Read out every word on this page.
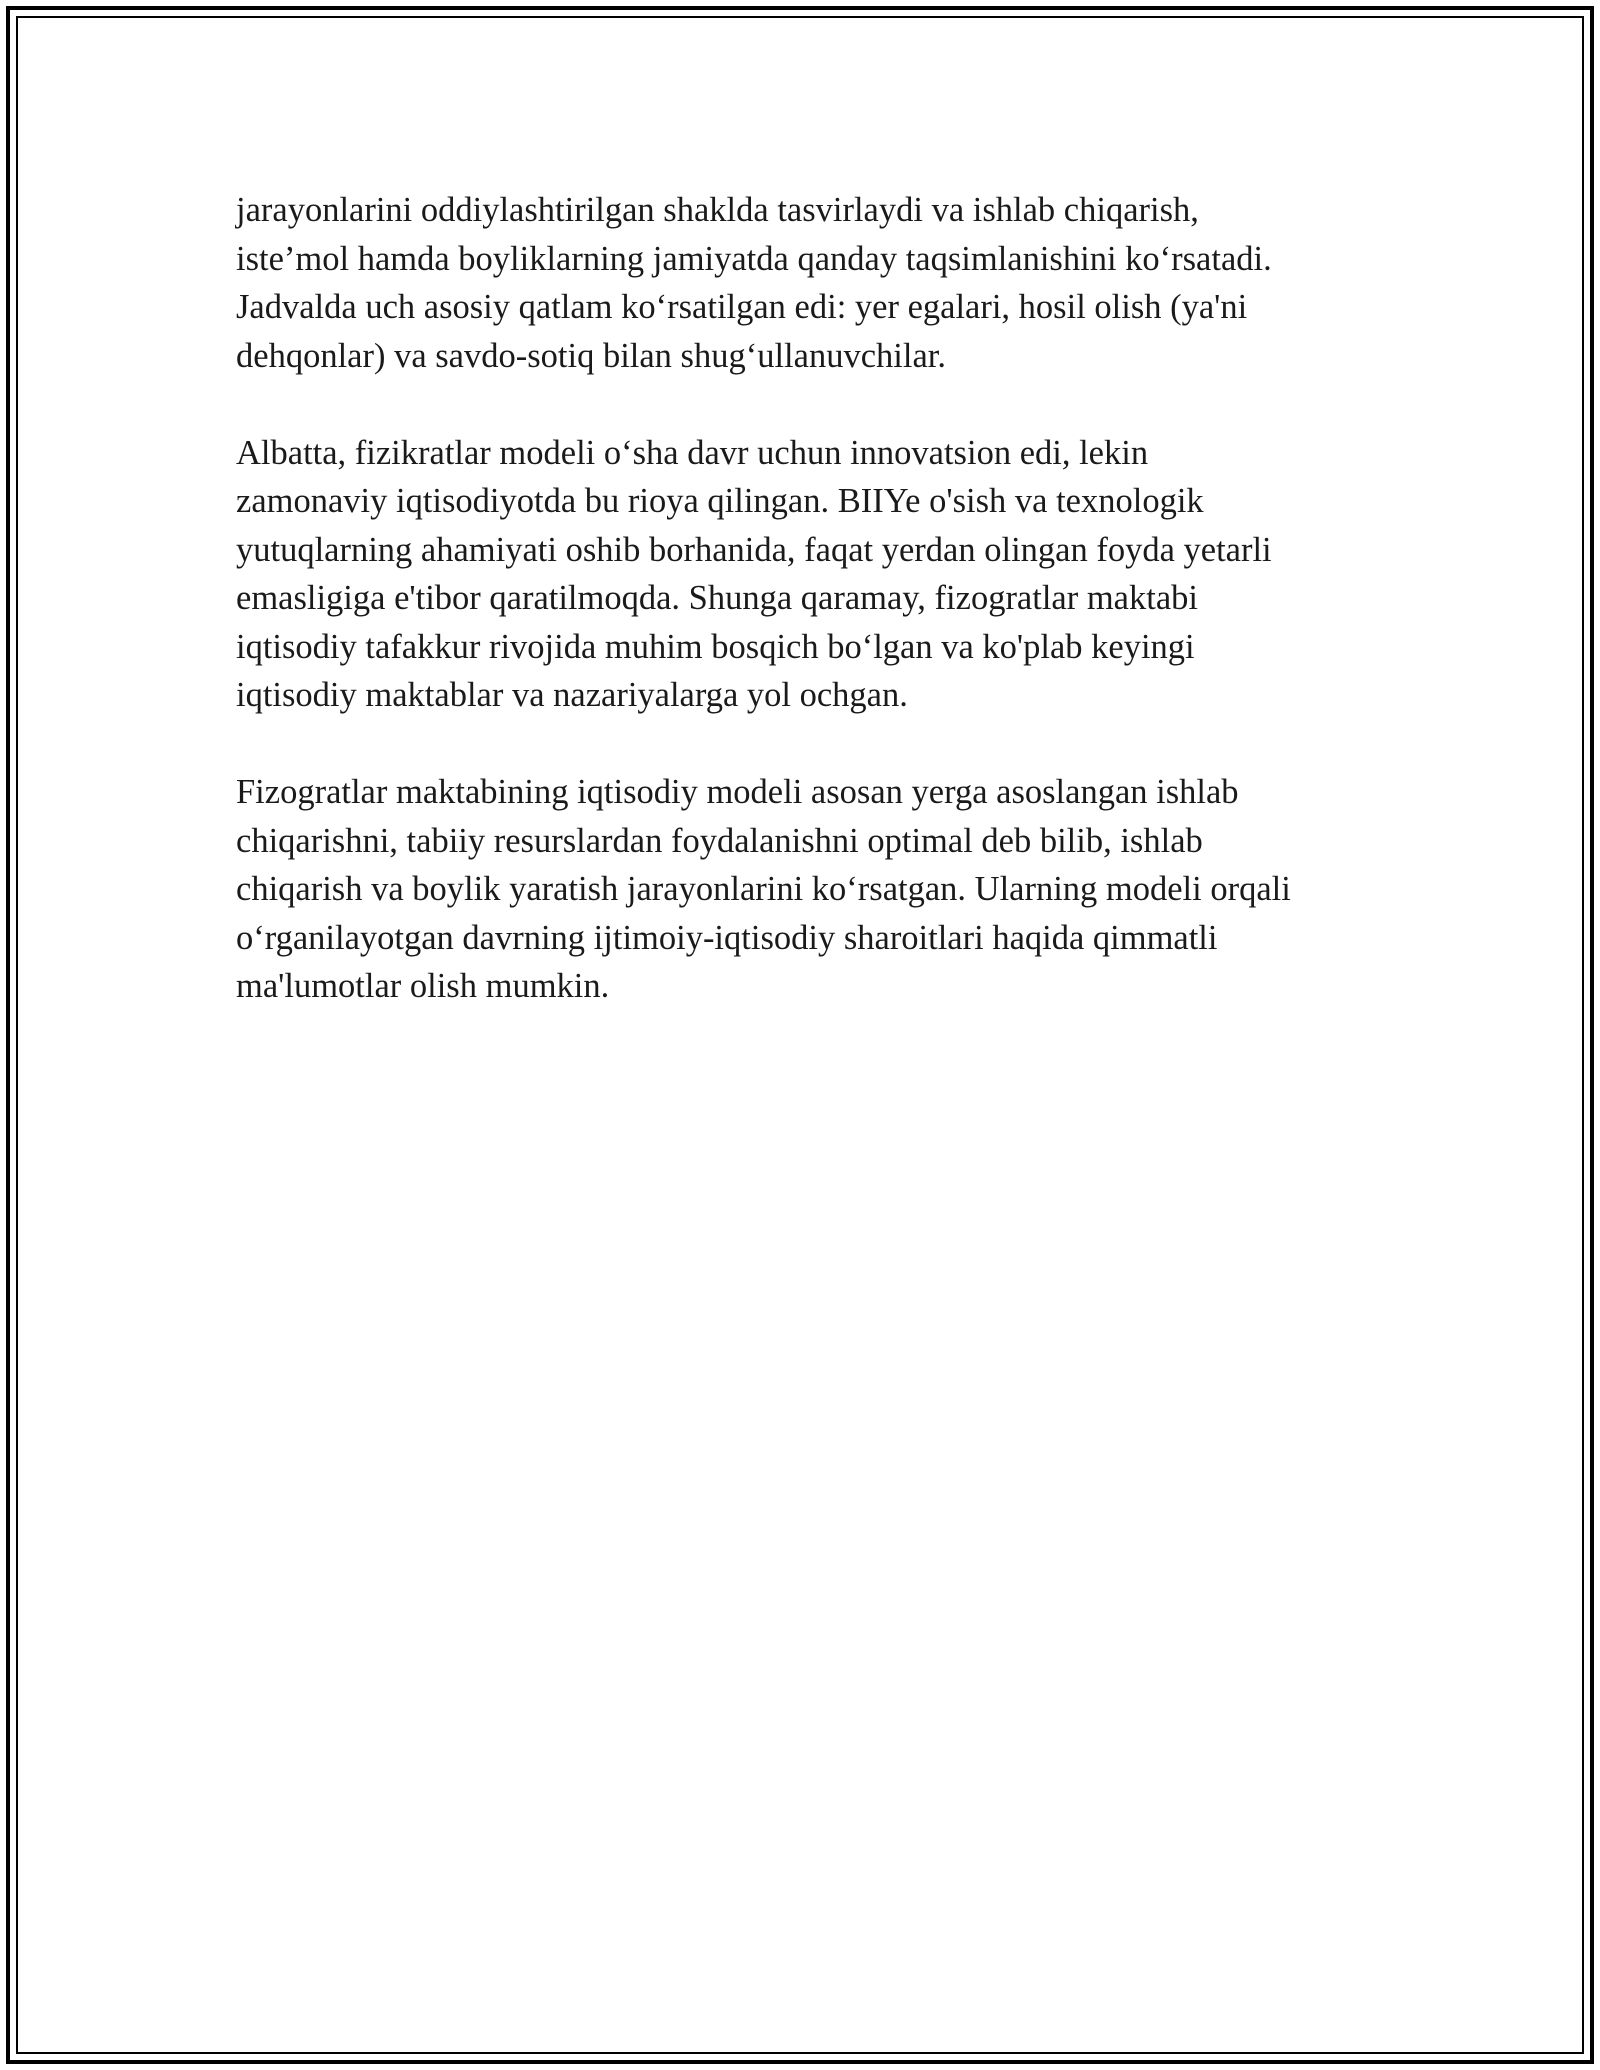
jarayonlarini oddiylashtirilgan shaklda tasvirlaydi va ishlab chiqarish,
iste’mol hamda boyliklarning jamiyatda qanday taqsimlanishini ko‘rsatadi.
Jadvalda uch asosiy qatlam ko‘rsatilgan edi: yer egalari, hosil olish (ya'ni
dehqonlar) va savdo-sotiq bilan shug‘ullanuvchilar.

Albatta, fizikratlar modeli o‘sha davr uchun innovatsion edi, lekin
zamonaviy iqtisodiyotda bu rioya qilingan. BIIYe o'sish va texnologik
yutuqlarning ahamiyati oshib borhanida, faqat yerdan olingan foyda yetarli
emasligiga e'tibor qaratilmoqda. Shunga qaramay, fizogratlar maktabi
iqtisodiy tafakkur rivojida muhim bosqich bo‘lgan va ko'plab keyingi
iqtisodiy maktablar va nazariyalarga yol ochgan.

Fizogratlar maktabining iqtisodiy modeli asosan yerga asoslangan ishlab
chiqarishni, tabiiy resurslardan foydalanishni optimal deb bilib, ishlab
chiqarish va boylik yaratish jarayonlarini ko‘rsatgan. Ularning modeli orqali
o‘rganilayotgan davrning ijtimoiy-iqtisodiy sharoitlari haqida qimmatli
ma'lumotlar olish mumkin.
